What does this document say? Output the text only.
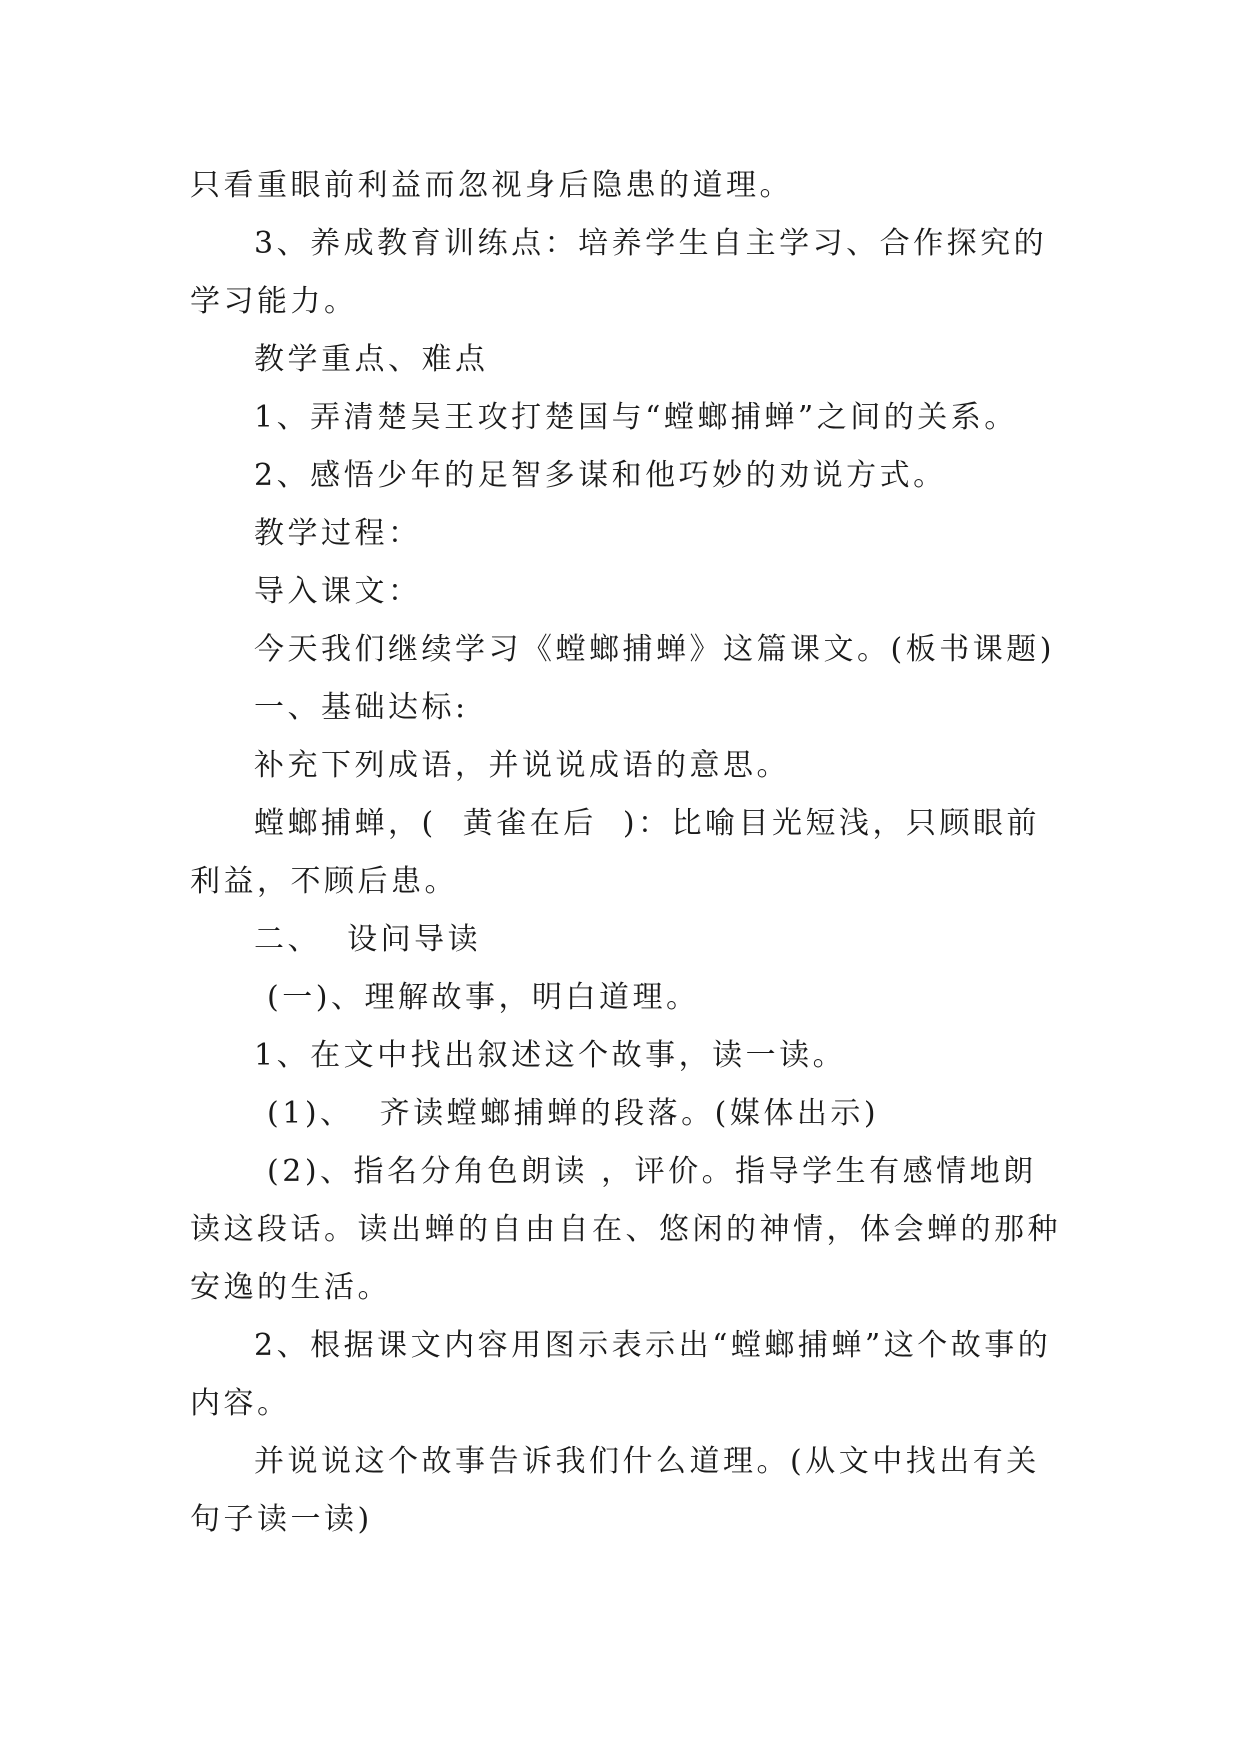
只看重眼前利益而忽视身后隐患的道理。

3、养成教育训练点：培养学生自主学习、合作探究的学习能力。

教学重点、难点

1、弄清楚吴王攻打楚国与“螳螂捕蝉”之间的关系。

2、感悟少年的足智多谋和他巧妙的劝说方式。

教学过程：

导入课文：

今天我们继续学习《螳螂捕蝉》这篇课文。(板书课题)

一、基础达标:

补充下列成语，并说说成语的意思。

螳螂捕蝉，(  黄雀在后  )：比喻目光短浅，只顾眼前利益，不顾后患。

二、  设问导读

(一)、理解故事，明白道理。

1、在文中找出叙述这个故事，读一读。

(1)、  齐读螳螂捕蝉的段落。(媒体出示)

(2)、指名分角色朗读 ，评价。指导学生有感情地朗读这段话。读出蝉的自由自在、悠闲的神情，体会蝉的那种安逸的生活。

2、根据课文内容用图示表示出“螳螂捕蝉”这个故事的内容。

并说说这个故事告诉我们什么道理。(从文中找出有关句子读一读)
